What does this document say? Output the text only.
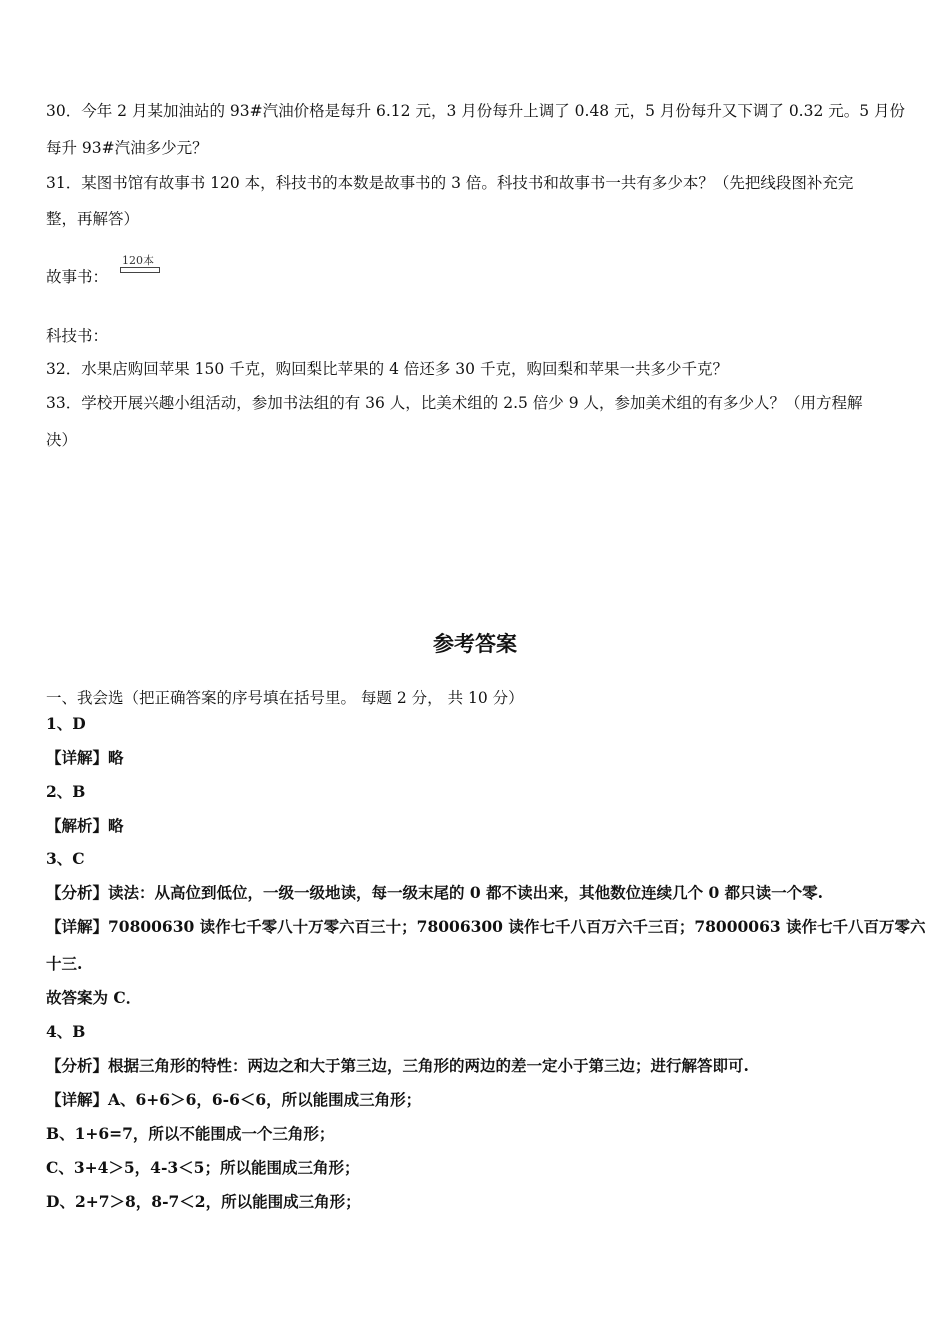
30．今年 2 月某加油站的 93#汽油价格是每升 6.12 元，3 月份每升上调了 0.48 元，5 月份每升又下调了 0.32 元。5 月份
每升 93#汽油多少元？
31．某图书馆有故事书 120 本，科技书的本数是故事书的 3 倍。科技书和故事书一共有多少本？（先把线段图补充完
整，再解答）
故事书：
120本
科技书：
32．水果店购回苹果 150 千克，购回梨比苹果的 4 倍还多 30 千克，购回梨和苹果一共多少千克？
33．学校开展兴趣小组活动，参加书法组的有 36 人，比美术组的 2.5 倍少 9 人，参加美术组的有多少人？（用方程解
决）
参考答案
一、我会选（把正确答案的序号填在括号里。 每题 2 分， 共 10 分）
1、D
【详解】略
2、B
【解析】略
3、C
【分析】读法：从高位到低位，一级一级地读，每一级末尾的 0 都不读出来，其他数位连续几个 0 都只读一个零.
【详解】70800630 读作七千零八十万零六百三十；78006300 读作七千八百万六千三百；78000063 读作七千八百万零六
十三.
故答案为 C．
4、B
【分析】根据三角形的特性：两边之和大于第三边，三角形的两边的差一定小于第三边；进行解答即可.
【详解】A、6+6＞6，6-6＜6，所以能围成三角形；
B、1+6=7，所以不能围成一个三角形；
C、3+4＞5，4-3＜5；所以能围成三角形；
D、2+7＞8，8-7＜2，所以能围成三角形；
